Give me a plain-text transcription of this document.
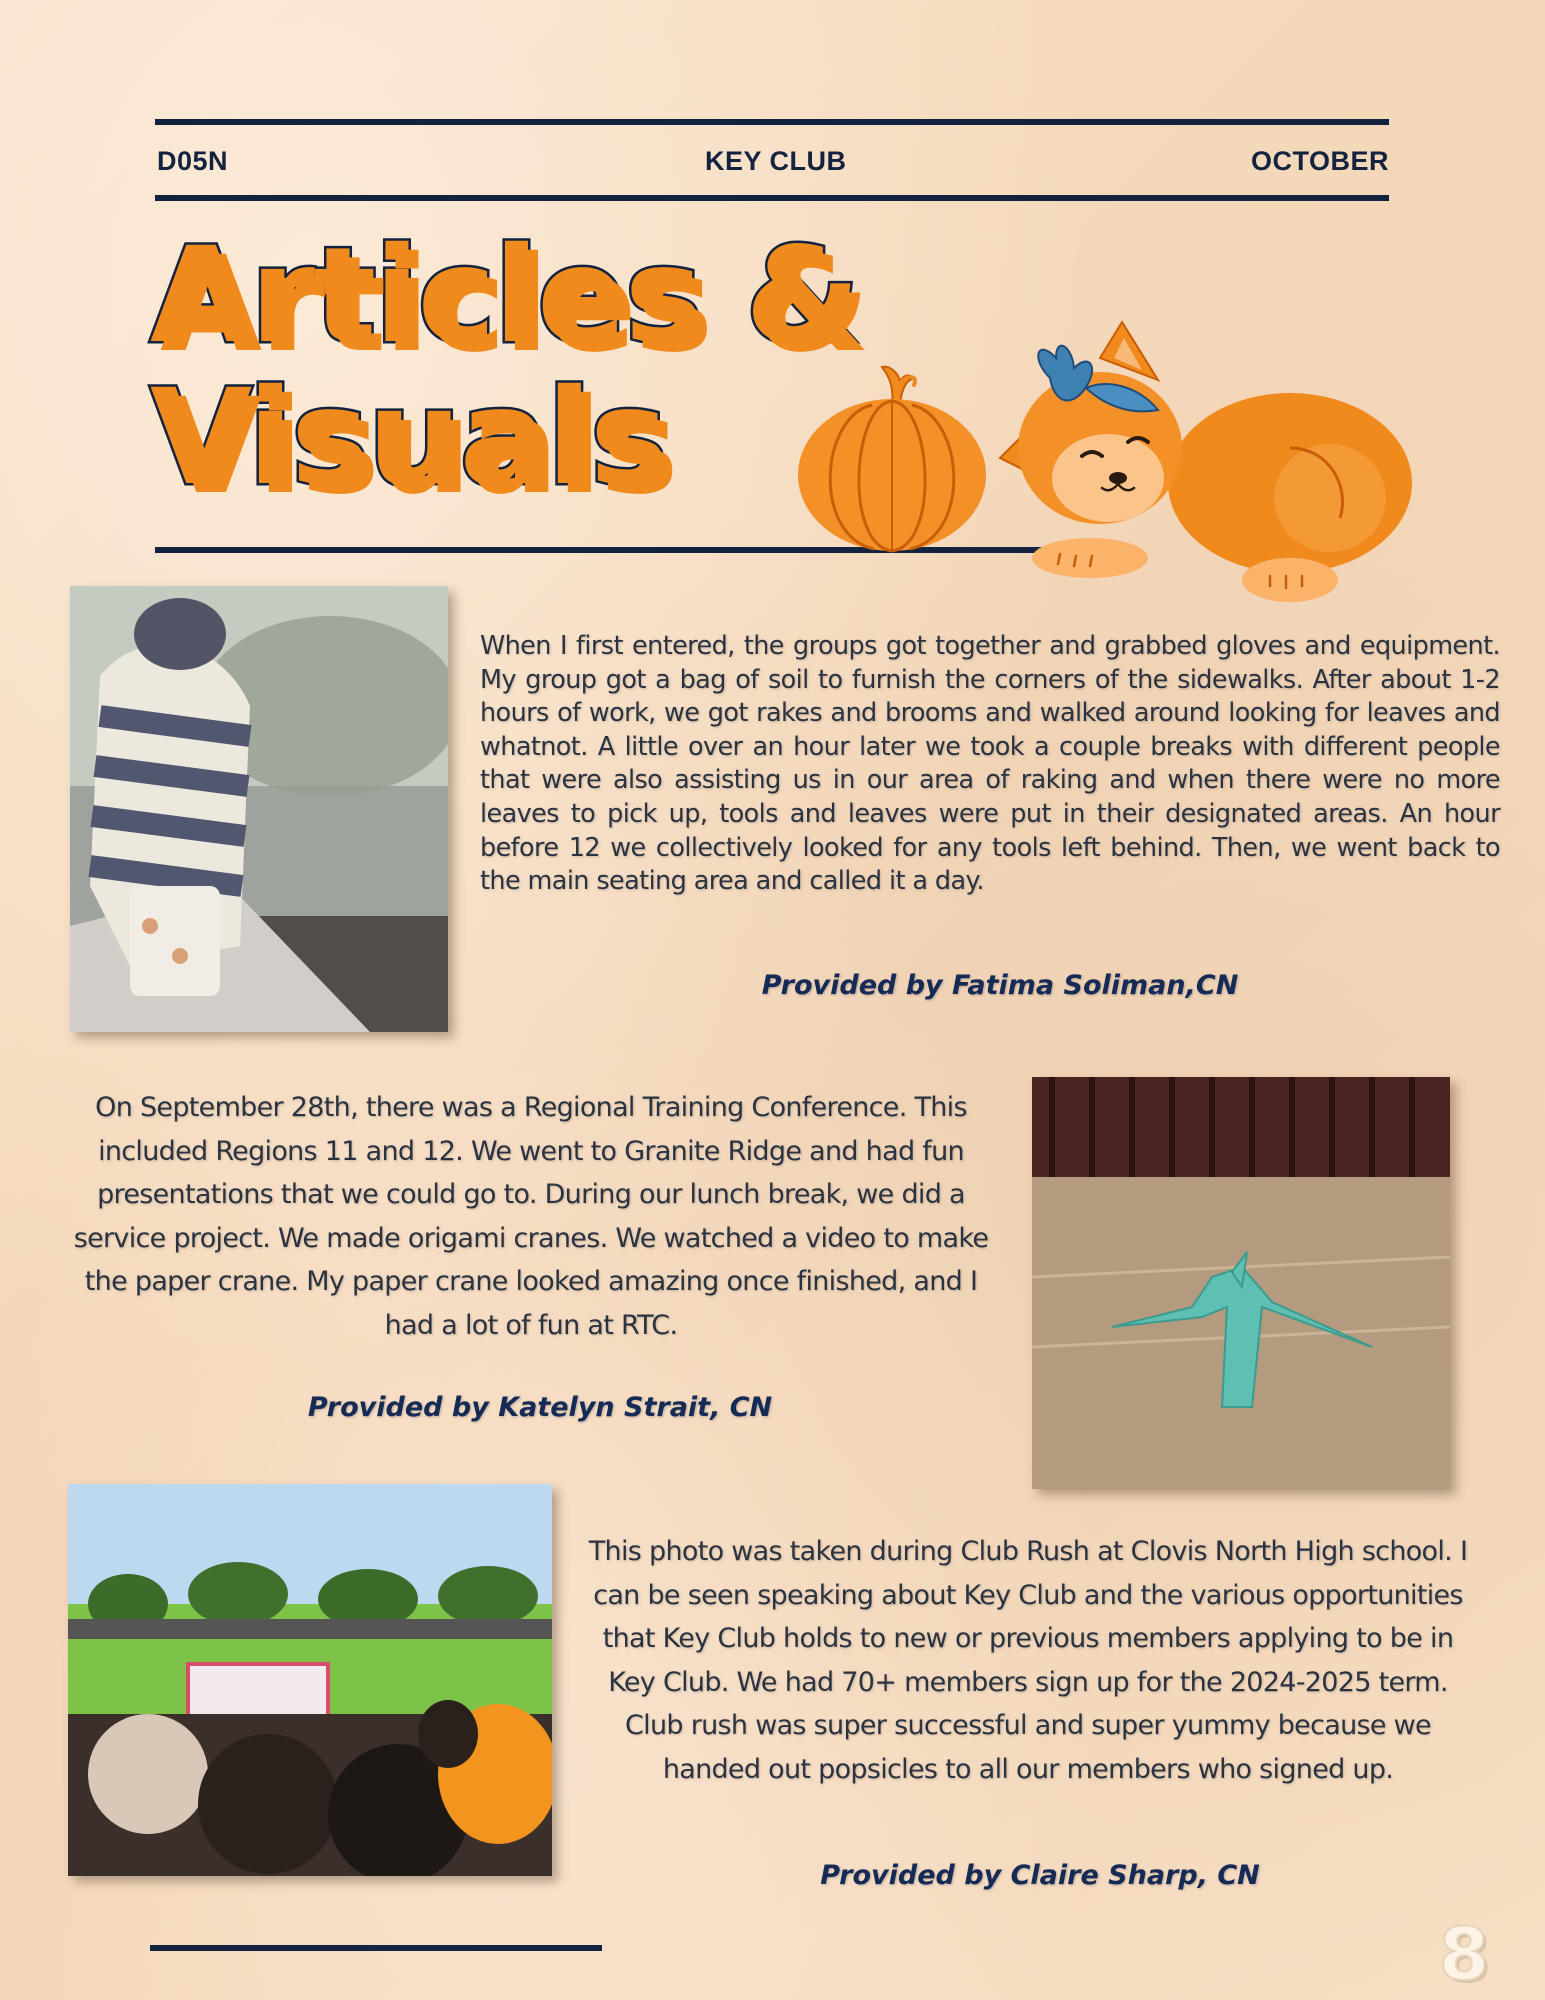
D05N	KEY CLUB	OCTOBER
Articles &
Visuals

When I first entered, the groups got together and grabbed gloves and equipment. My group got a bag of soil to furnish the corners of the sidewalks. After about 1-2 hours of work, we got rakes and brooms and walked around looking for leaves and whatnot. A little over an hour later we took a couple breaks with different people that were also assisting us in our area of raking and when there were no more leaves to pick up, tools and leaves were put in their designated areas. An hour before 12 we collectively looked for any tools left behind. Then, we went back to the main seating area and called it a day.

Provided by Fatima Soliman,CN

On September 28th, there was a Regional Training Conference. This included Regions 11 and 12. We went to Granite Ridge and had fun presentations that we could go to. During our lunch break, we did a service project. We made origami cranes. We watched a video to make the paper crane. My paper crane looked amazing once finished, and I had a lot of fun at RTC.

Provided by Katelyn Strait, CN

This photo was taken during Club Rush at Clovis North High school. I can be seen speaking about Key Club and the various opportunities that Key Club holds to new or previous members applying to be in Key Club. We had 70+ members sign up for the 2024-2025 term. Club rush was super successful and super yummy because we handed out popsicles to all our members who signed up.

Provided by Claire Sharp, CN

8
